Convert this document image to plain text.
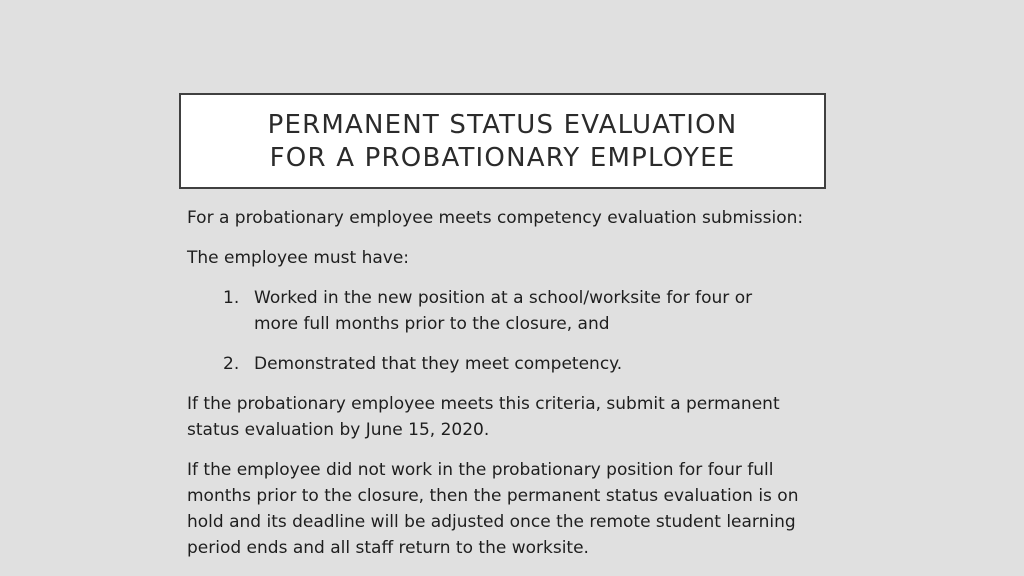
PERMANENT STATUS EVALUATION
FOR A PROBATIONARY EMPLOYEE

For a probationary employee meets competency evaluation submission:

The employee must have:

1. Worked in the new position at a school/worksite for four or
more full months prior to the closure, and
2. Demonstrated that they meet competency.

If the probationary employee meets this criteria, submit a permanent
status evaluation by June 15, 2020.

If the employee did not work in the probationary position for four full
months prior to the closure, then the permanent status evaluation is on
hold and its deadline will be adjusted once the remote student learning
period ends and all staff return to the worksite.
